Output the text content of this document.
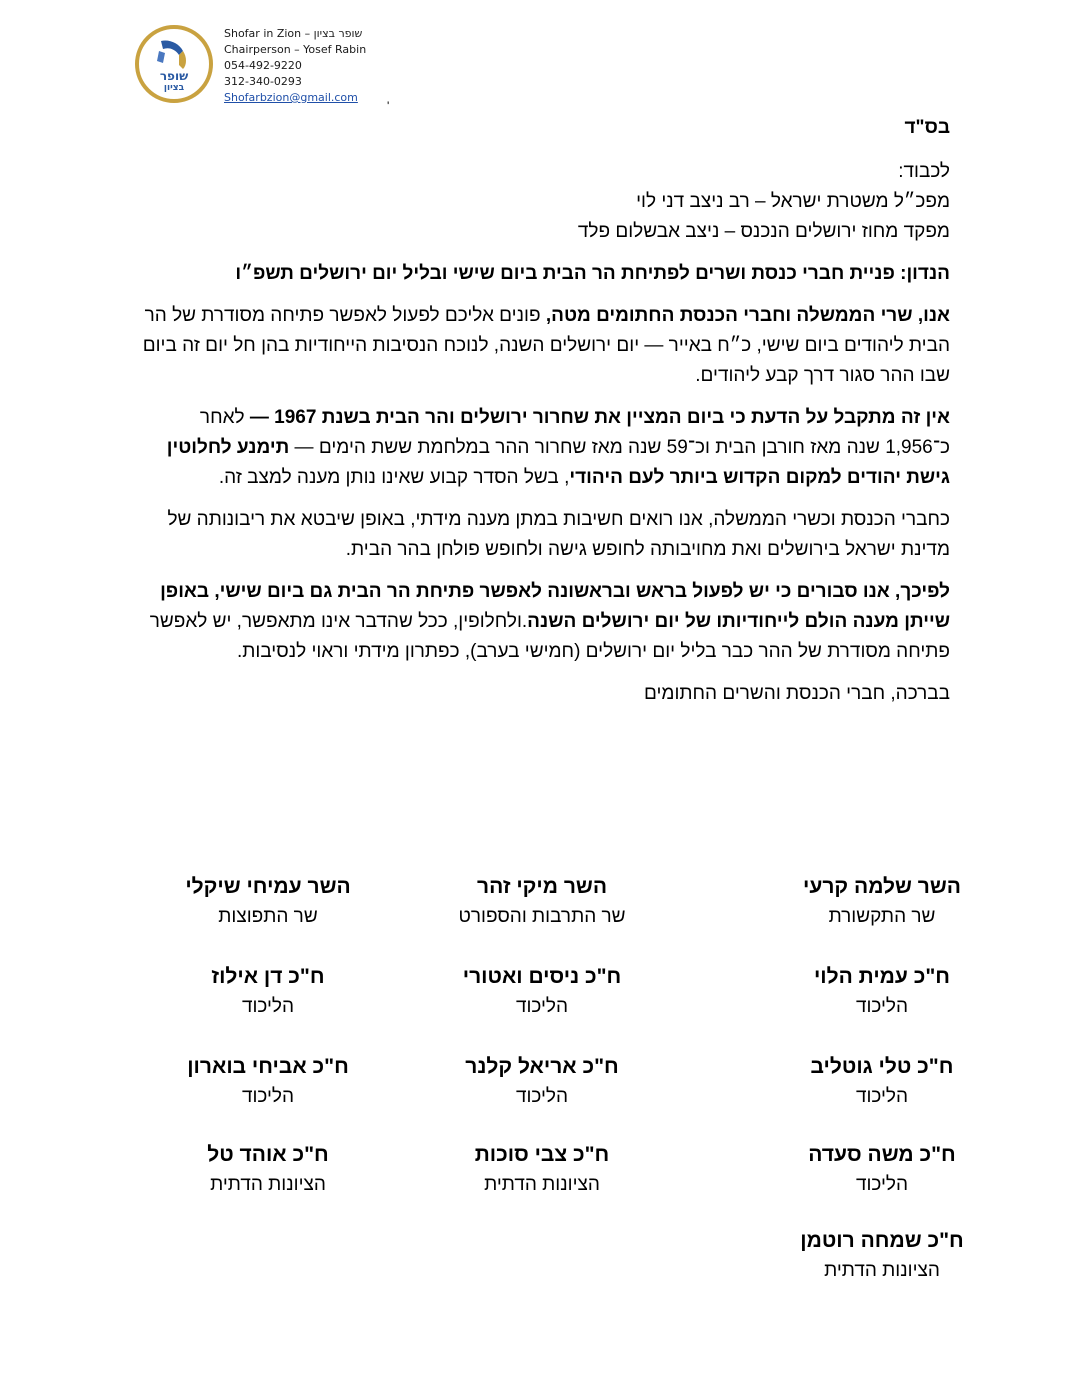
שופר
בציון
Shofar in Zion – שופר בציון
Chairperson – Yosef Rabin
054-492-9220
312-340-0293
Shofarbzion@gmail.com
'
בס"ד
לכבוד:
מפכ״ל משטרת ישראל – רב ניצב דני לוי
מפקד מחוז ירושלים הנכנס – ניצב אבשלום פלד
הנדון: פניית חברי כנסת ושרים לפתיחת הר הבית ביום שישי ובליל יום ירושלים תשפ״ו

אנו, שרי הממשלה וחברי הכנסת החתומים מטה, פונים אליכם לפעול לאפשר פתיחה מסודרת של הר הבית ליהודים ביום שישי, כ״ח באייר — יום ירושלים השנה, לנוכח הנסיבות הייחודיות בהן חל יום זה ביום שבו ההר סגור דרך קבע ליהודים.

אין זה מתקבל על הדעת כי ביום המציין את שחרור ירושלים והר הבית בשנת 1967 — לאחר כ־1,956 שנה מאז חורבן הבית וכ־59 שנה מאז שחרור ההר במלחמת ששת הימים — תימנע לחלוטין גישת יהודים למקום הקדוש ביותר לעם היהודי, בשל הסדר קבוע שאינו נותן מענה למצב זה.

כחברי הכנסת וכשרי הממשלה, אנו רואים חשיבות במתן מענה מידתי, באופן שיבטא את ריבונותה של מדינת ישראל בירושלים ואת מחויבותה לחופש גישה ולחופש פולחן בהר הבית.

לפיכך, אנו סבורים כי יש לפעול בראש ובראשונה לאפשר פתיחת הר הבית גם ביום שישי, באופן שייתן מענה הולם לייחודיותו של יום ירושלים השנה.ולחלופין, ככל שהדבר אינו מתאפשר, יש לאפשר פתיחה מסודרת של ההר כבר בליל יום ירושלים (חמישי בערב), כפתרון מידתי וראוי לנסיבות.

בברכה, חברי הכנסת והשרים החתומים
השר שלמה קרעי
שר התקשורת
השר מיקי זהר
שר התרבות והספורט
השר עמיחי שיקלי
שר התפוצות
ח"כ עמית הלוי
הליכוד
ח"כ ניסים ואטורי
הליכוד
ח"כ דן אילוז
הליכוד
ח"כ טלי גוטליב
הליכוד
ח"כ אריאל קלנר
הליכוד
ח"כ אביחי בוארון
הליכוד
ח"כ משה סעדה
הליכוד
ח"כ צבי סוכות
הציונות הדתית
ח"כ אוהד טל
הציונות הדתית
ח"כ שמחה רוטמן
הציונות הדתית
